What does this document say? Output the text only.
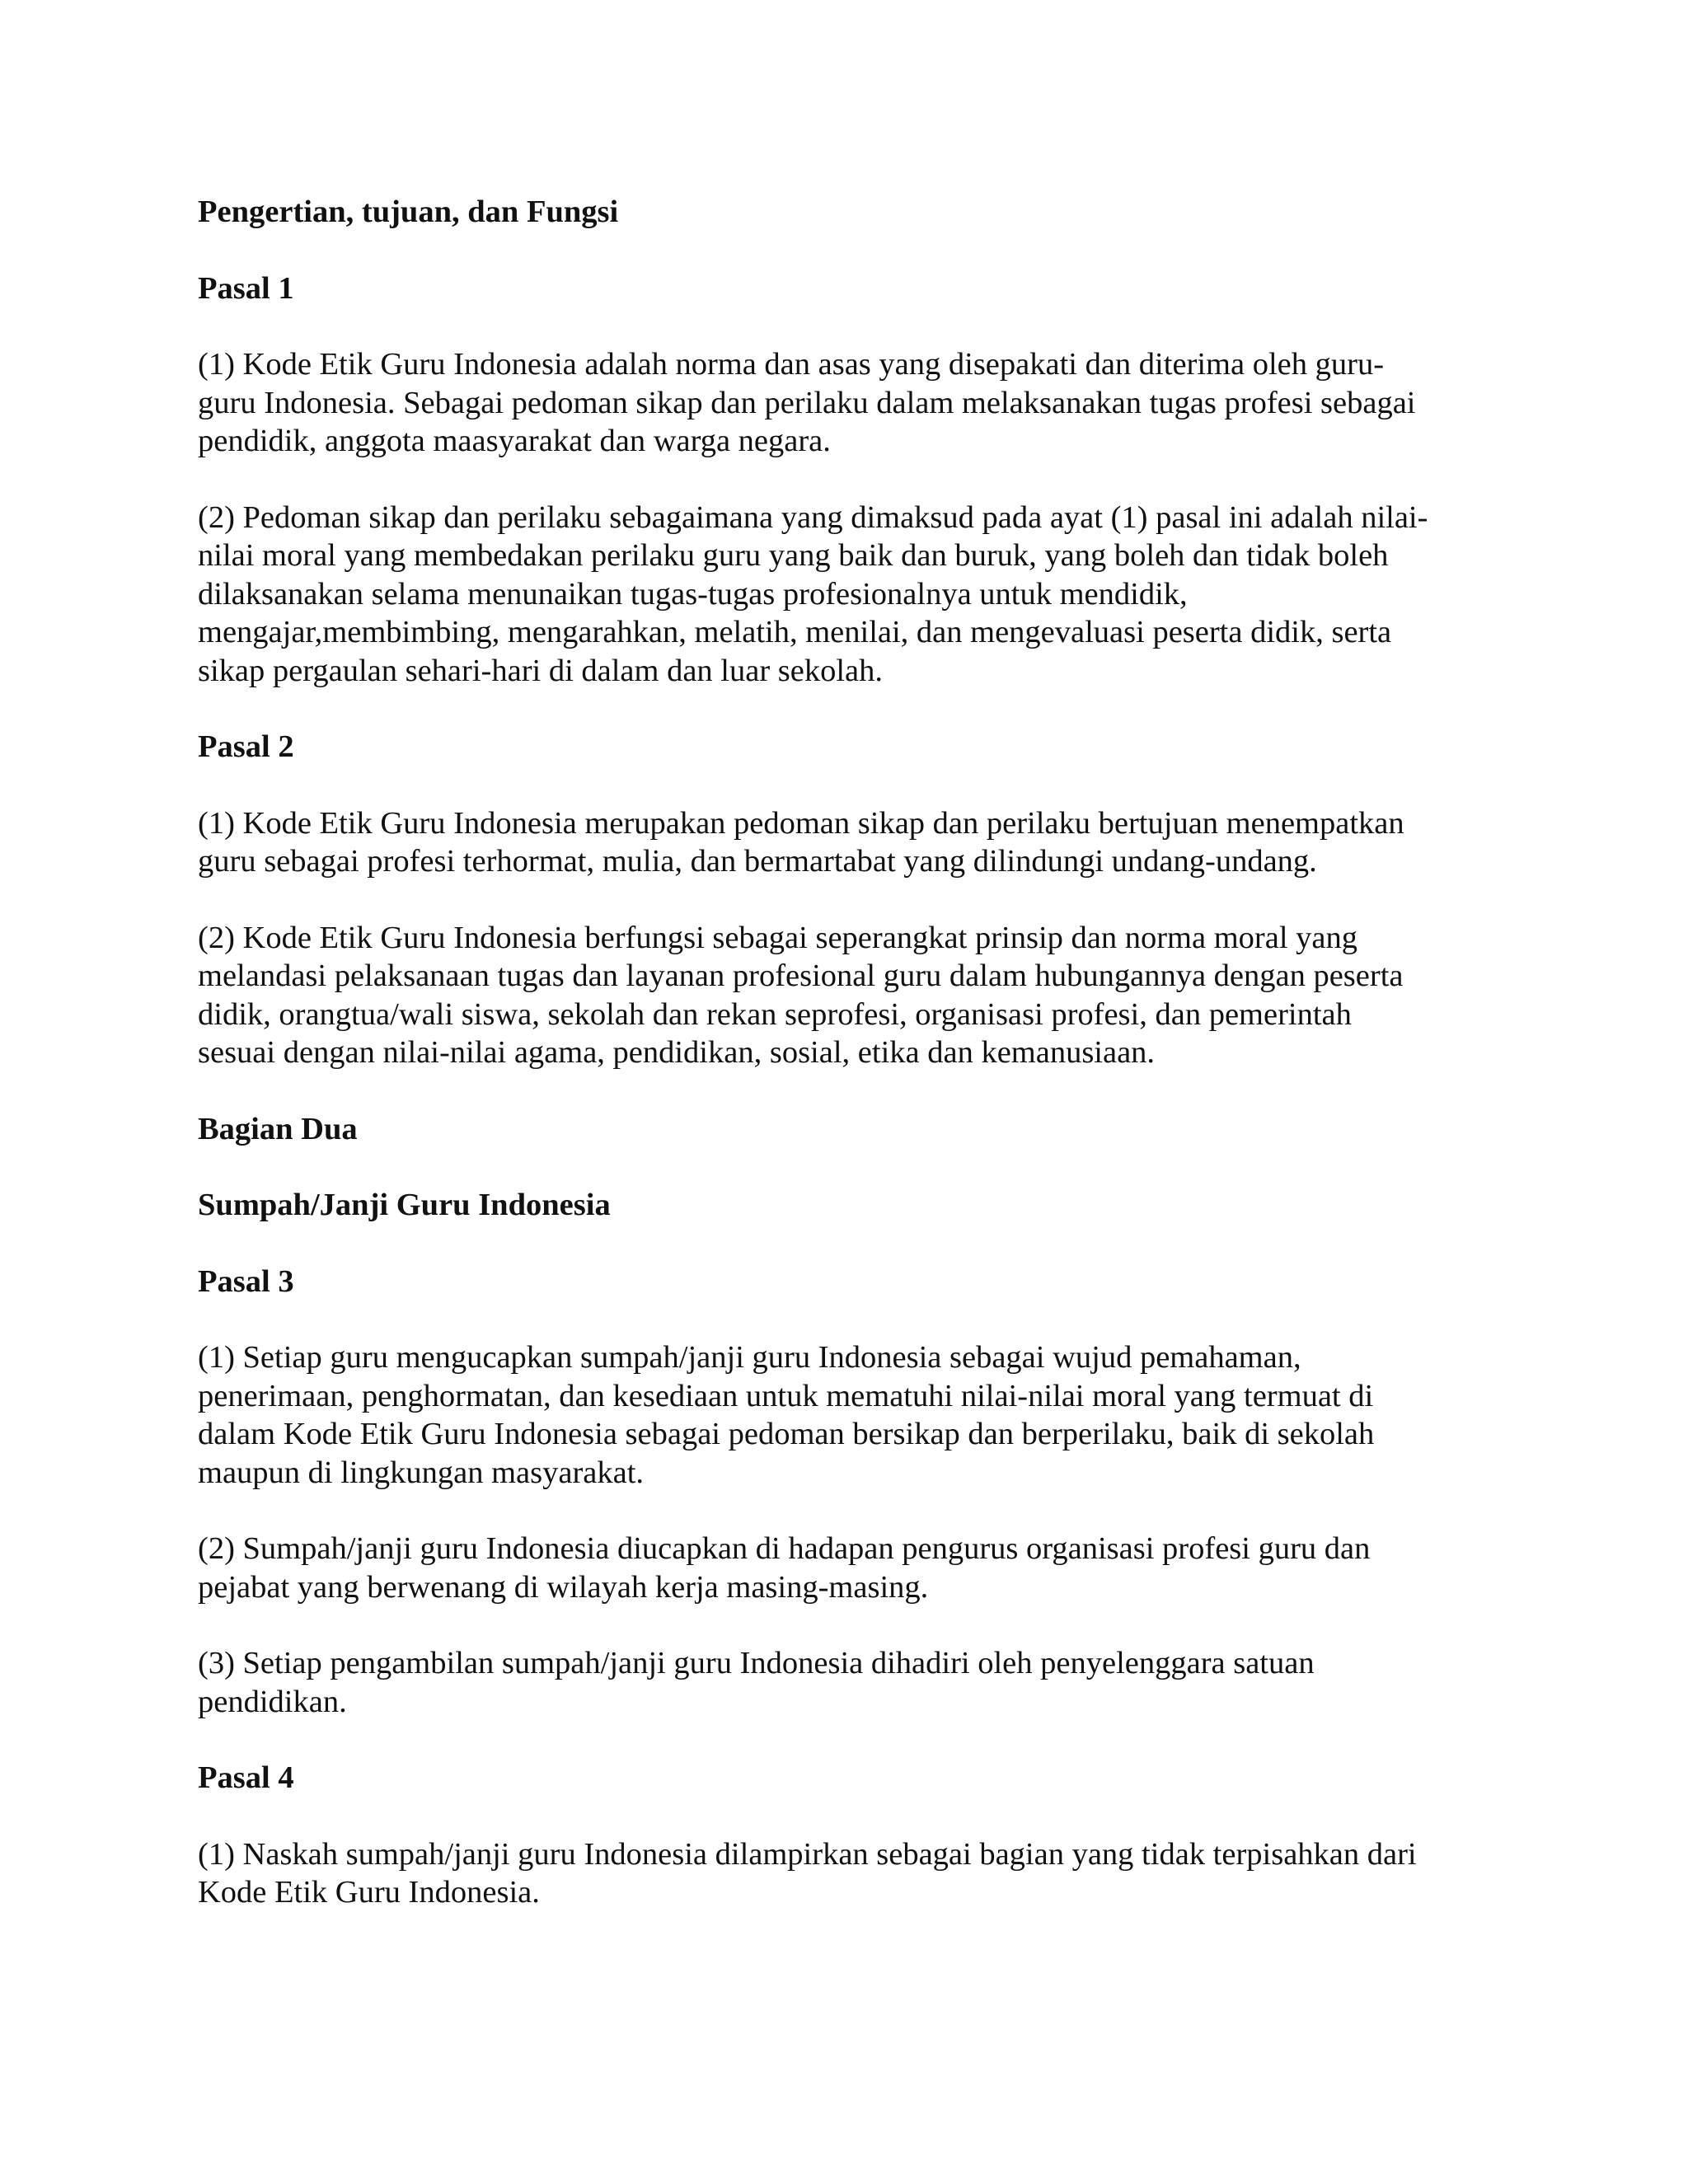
Pengertian, tujuan, dan Fungsi
Pasal 1
(1) Kode Etik Guru Indonesia adalah norma dan asas yang disepakati dan diterima oleh guru-
guru Indonesia. Sebagai pedoman sikap dan perilaku dalam melaksanakan tugas profesi sebagai
pendidik, anggota maasyarakat dan warga negara.
(2) Pedoman sikap dan perilaku sebagaimana yang dimaksud pada ayat (1) pasal ini adalah nilai-
nilai moral yang membedakan perilaku guru yang baik dan buruk, yang boleh dan tidak boleh
dilaksanakan selama menunaikan tugas-tugas profesionalnya untuk mendidik,
mengajar,membimbing, mengarahkan, melatih, menilai, dan mengevaluasi peserta didik, serta
sikap pergaulan sehari-hari di dalam dan luar sekolah.
Pasal 2
(1) Kode Etik Guru Indonesia merupakan pedoman sikap dan perilaku bertujuan menempatkan
guru sebagai profesi terhormat, mulia, dan bermartabat yang dilindungi undang-undang.
(2) Kode Etik Guru Indonesia berfungsi sebagai seperangkat prinsip dan norma moral yang
melandasi pelaksanaan tugas dan layanan profesional guru dalam hubungannya dengan peserta
didik, orangtua/wali siswa, sekolah dan rekan seprofesi, organisasi profesi, dan pemerintah
sesuai dengan nilai-nilai agama, pendidikan, sosial, etika dan kemanusiaan.
Bagian Dua
Sumpah/Janji Guru Indonesia
Pasal 3
(1) Setiap guru mengucapkan sumpah/janji guru Indonesia sebagai wujud pemahaman,
penerimaan, penghormatan, dan kesediaan untuk mematuhi nilai-nilai moral yang termuat di
dalam Kode Etik Guru Indonesia sebagai pedoman bersikap dan berperilaku, baik di sekolah
maupun di lingkungan masyarakat.
(2) Sumpah/janji guru Indonesia diucapkan di hadapan pengurus organisasi profesi guru dan
pejabat yang berwenang di wilayah kerja masing-masing.
(3) Setiap pengambilan sumpah/janji guru Indonesia dihadiri oleh penyelenggara satuan
pendidikan.
Pasal 4
(1) Naskah sumpah/janji guru Indonesia dilampirkan sebagai bagian yang tidak terpisahkan dari
Kode Etik Guru Indonesia.
